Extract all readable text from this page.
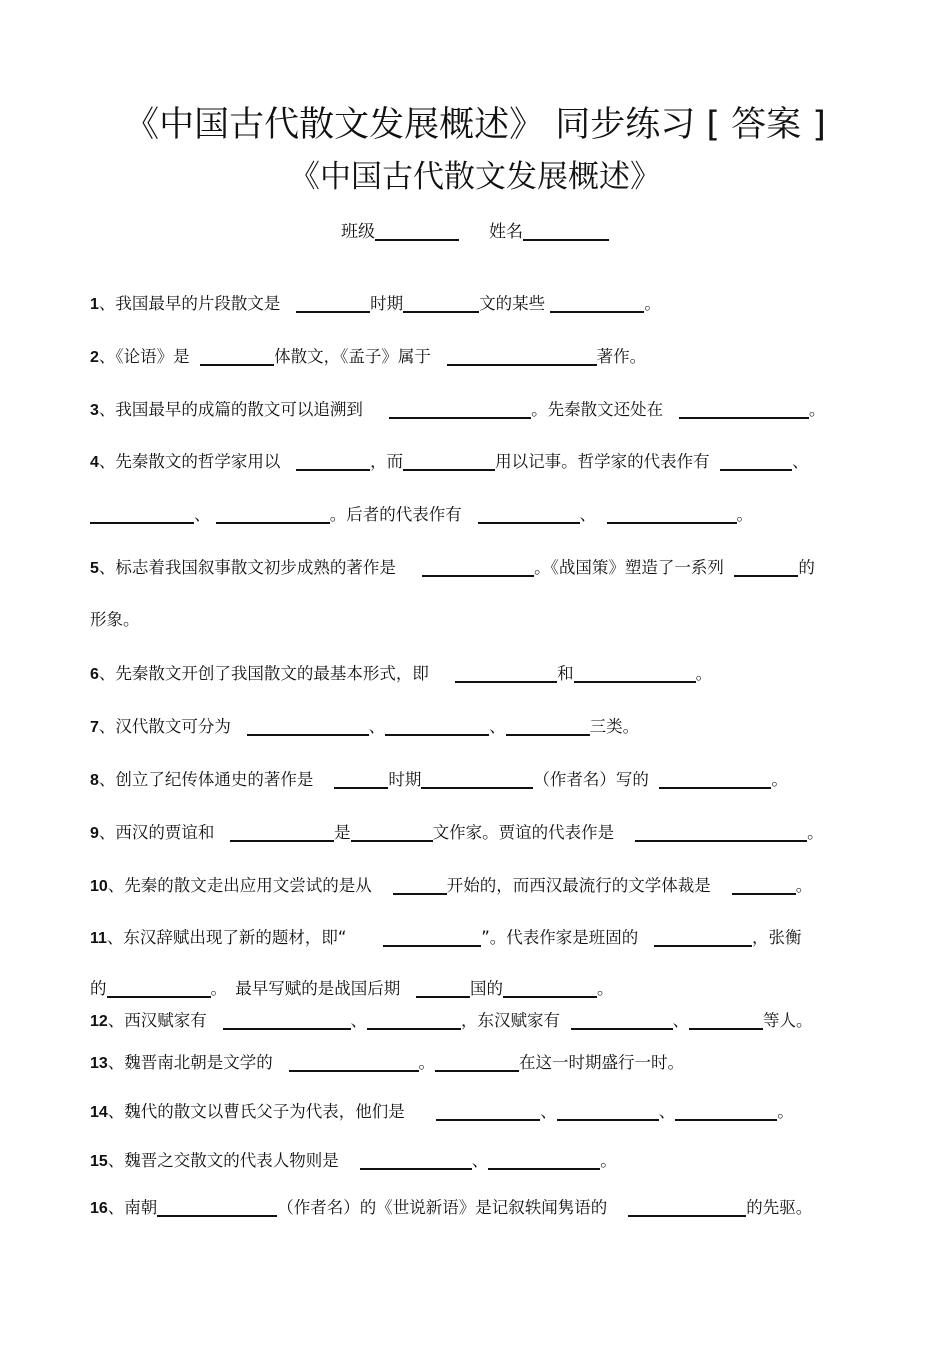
《中国古代散文发展概述》 同步练习 [ 答案 ]
《中国古代散文发展概述》
班级	姓名
1、我国最早的片段散文是	时期	文的某些	。
2、《论语》是	体散文，《孟子》属于	著作。
3、我国最早的成篇的散文可以追溯到	。先秦散文还处在	。
4、先秦散文的哲学家用以	，而	用以记事。哲学家的代表作有	、
、	。后者的代表作有	、	。
5、标志着我国叙事散文初步成熟的著作是	。《战国策》塑造了一系列	的
形象。
6、先秦散文开创了我国散文的最基本形式，即	和	。
7、汉代散文可分为	、	、	三类。
8、创立了纪传体通史的著作是	时期	（作者名）写的	。
9、西汉的贾谊和	是	文作家。贾谊的代表作是	。
10、先秦的散文走出应用文尝试的是从	开始的，而西汉最流行的文学体裁是	。
11、东汉辞赋出现了新的题材，即“	”。代表作家是班固的	，张衡
的	。　最早写赋的是战国后期	国的	。
12、西汉赋家有	、	，东汉赋家有	、	等人。
13、魏晋南北朝是文学的	。	在这一时期盛行一时。
14、魏代的散文以曹氏父子为代表，他们是	、	、	。
15、魏晋之交散文的代表人物则是	、	。
16、南朝	（作者名）的《世说新语》是记叙轶闻隽语的	的先驱。
